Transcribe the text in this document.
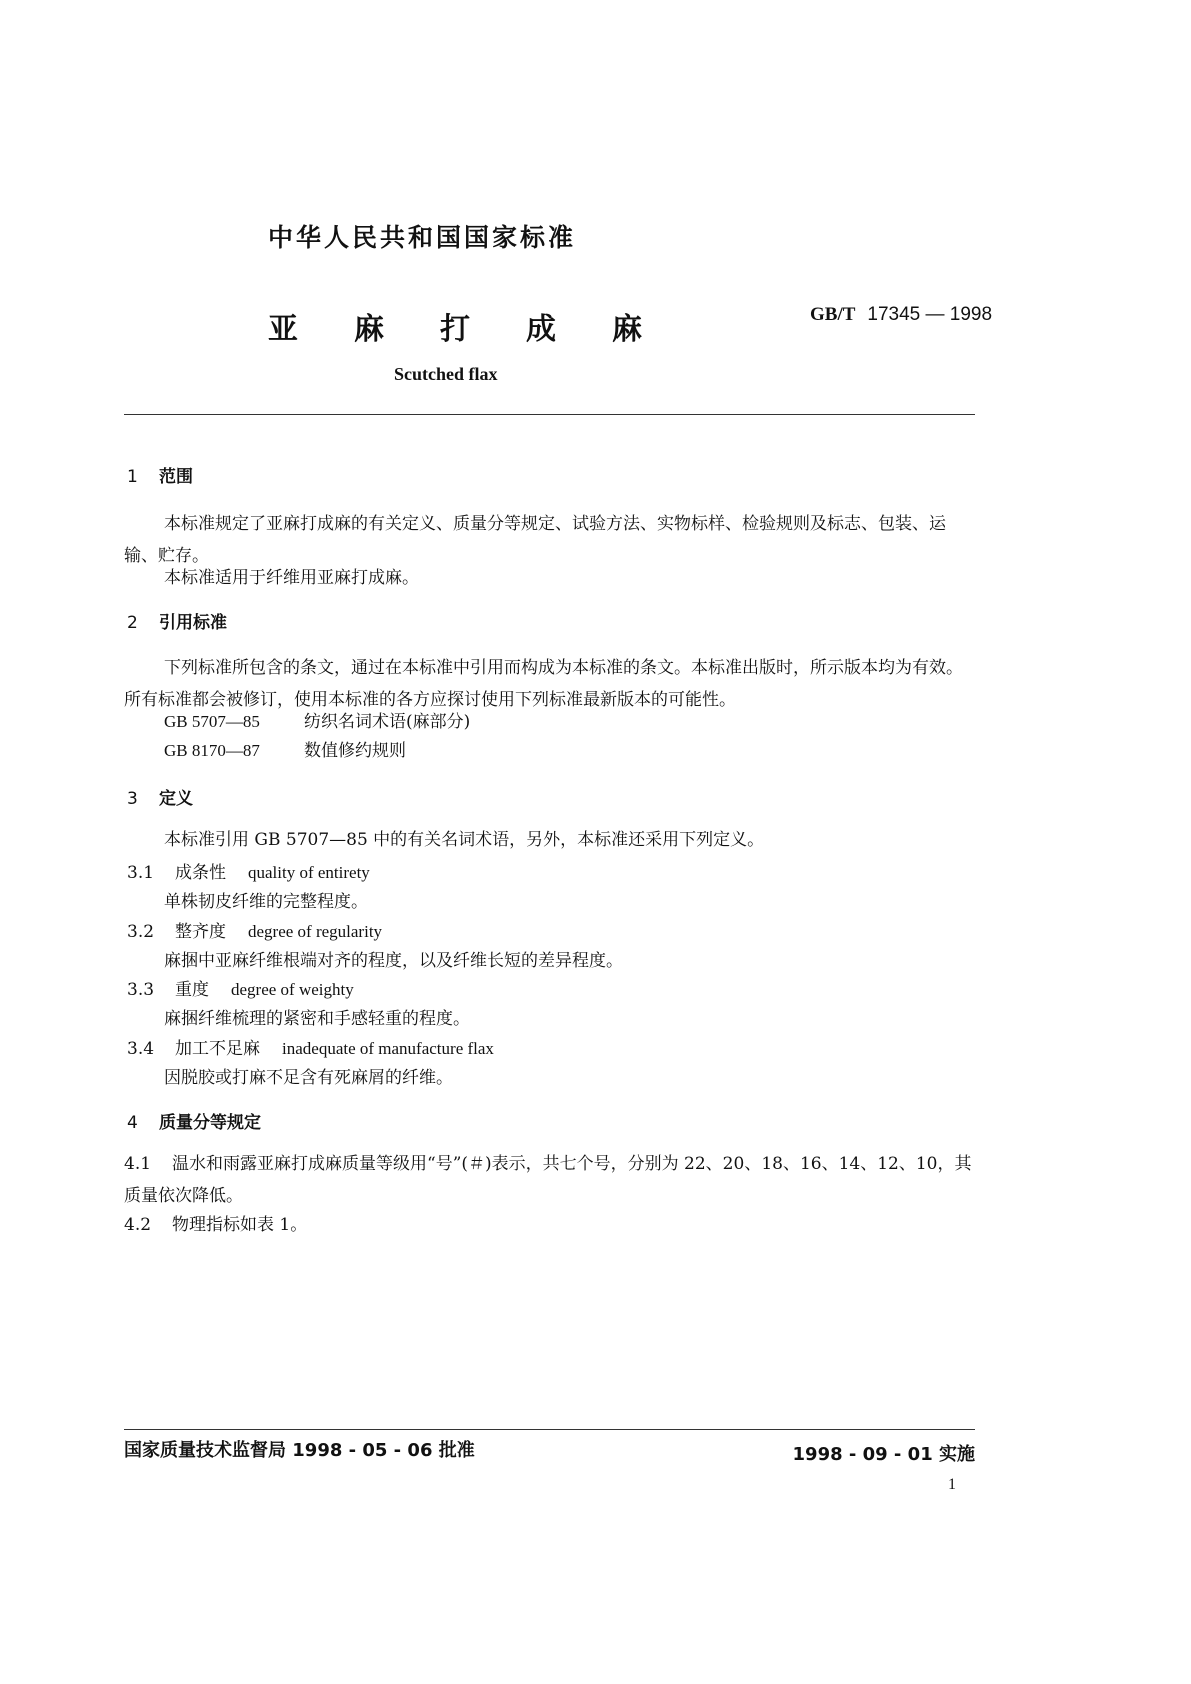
中华人民共和国国家标准
亚麻打成麻	GB/T 17345 — 1998
Scutched flax
1 范围
本标准规定了亚麻打成麻的有关定义、质量分等规定、试验方法、实物标样、检验规则及标志、包装、运输、贮存。
本标准适用于纤维用亚麻打成麻。
2 引用标准
下列标准所包含的条文，通过在本标准中引用而构成为本标准的条文。本标准出版时，所示版本均为有效。所有标准都会被修订，使用本标准的各方应探讨使用下列标准最新版本的可能性。
GB 5707—85	纺织名词术语(麻部分)
GB 8170—87	数值修约规则
3 定义
本标准引用 GB 5707—85 中的有关名词术语，另外，本标准还采用下列定义。
3.1 成条性 quality of entirety
单株韧皮纤维的完整程度。
3.2 整齐度 degree of regularity
麻捆中亚麻纤维根端对齐的程度，以及纤维长短的差异程度。
3.3 重度 degree of weighty
麻捆纤维梳理的紧密和手感轻重的程度。
3.4 加工不足麻 inadequate of manufacture flax
因脱胶或打麻不足含有死麻屑的纤维。
4 质量分等规定
4.1 温水和雨露亚麻打成麻质量等级用“号”(＃)表示，共七个号，分别为 22、20、18、16、14、12、10，其质量依次降低。
4.2 物理指标如表 1。
国家质量技术监督局 1998 - 05 - 06 批准	1998 - 09 - 01 实施
1
